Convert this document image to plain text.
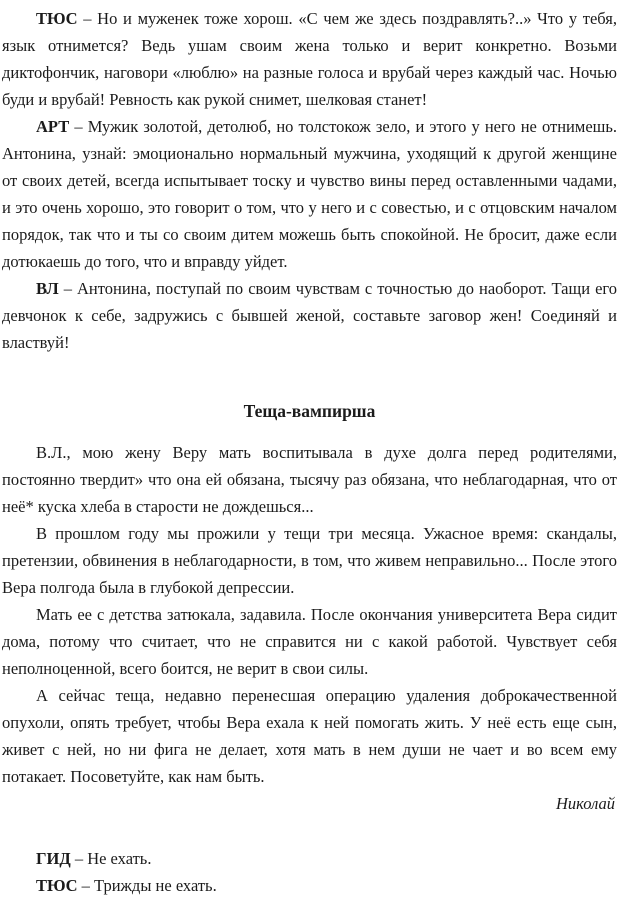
ТЮС – Но и муженек тоже хорош. «С чем же здесь поздравлять?..» Что у тебя, язык отнимется? Ведь ушам своим жена только и верит конкретно. Возьми диктофончик, наговори «люблю» на разные голоса и врубай через каждый час. Ночью буди и врубай! Ревность как рукой снимет, шелковая станет!

АРТ – Мужик золотой, детолюб, но толстокож зело, и этого у него не отнимешь. Антонина, узнай: эмоционально нормальный мужчина, уходящий к другой женщине от своих детей, всегда испытывает тоску и чувство вины перед оставленными чадами, и это очень хорошо, это говорит о том, что у него и с совестью, и с отцовским началом порядок, так что и ты со своим дитем можешь быть спокойной. Не бросит, даже если дотюкаешь до того, что и вправду уйдет.

ВЛ – Антонина, поступай по своим чувствам с точностью до наоборот. Тащи его девчонок к себе, задружись с бывшей женой, составьте заговор жен! Соединяй и властвуй!

Теща-вампирша

В.Л., мою жену Веру мать воспитывала в духе долга перед родителями, постоянно твердит» что она ей обязана, тысячу раз обязана, что неблагодарная, что от неё* куска хлеба в старости не дождешься...

В прошлом году мы прожили у тещи три месяца. Ужасное время: скандалы, претензии, обвинения в неблагодарности, в том, что живем неправильно... После этого Вера полгода была в глубокой депрессии.

Мать ее с детства затюкала, задавила. После окончания университета Вера сидит дома, потому что считает, что не справится ни с какой работой. Чувствует себя неполноценной, всего боится, не верит в свои силы.

А сейчас теща, недавно перенесшая операцию удаления доброкачественной опухоли, опять требует, чтобы Вера ехала к ней помогать жить. У неё есть еще сын, живет с ней, но ни фига не делает, хотя мать в нем души не чает и во всем ему потакает. Посоветуйте, как нам быть.

Николай

ГИД – Не ехать.

ТЮС – Трижды не ехать.
